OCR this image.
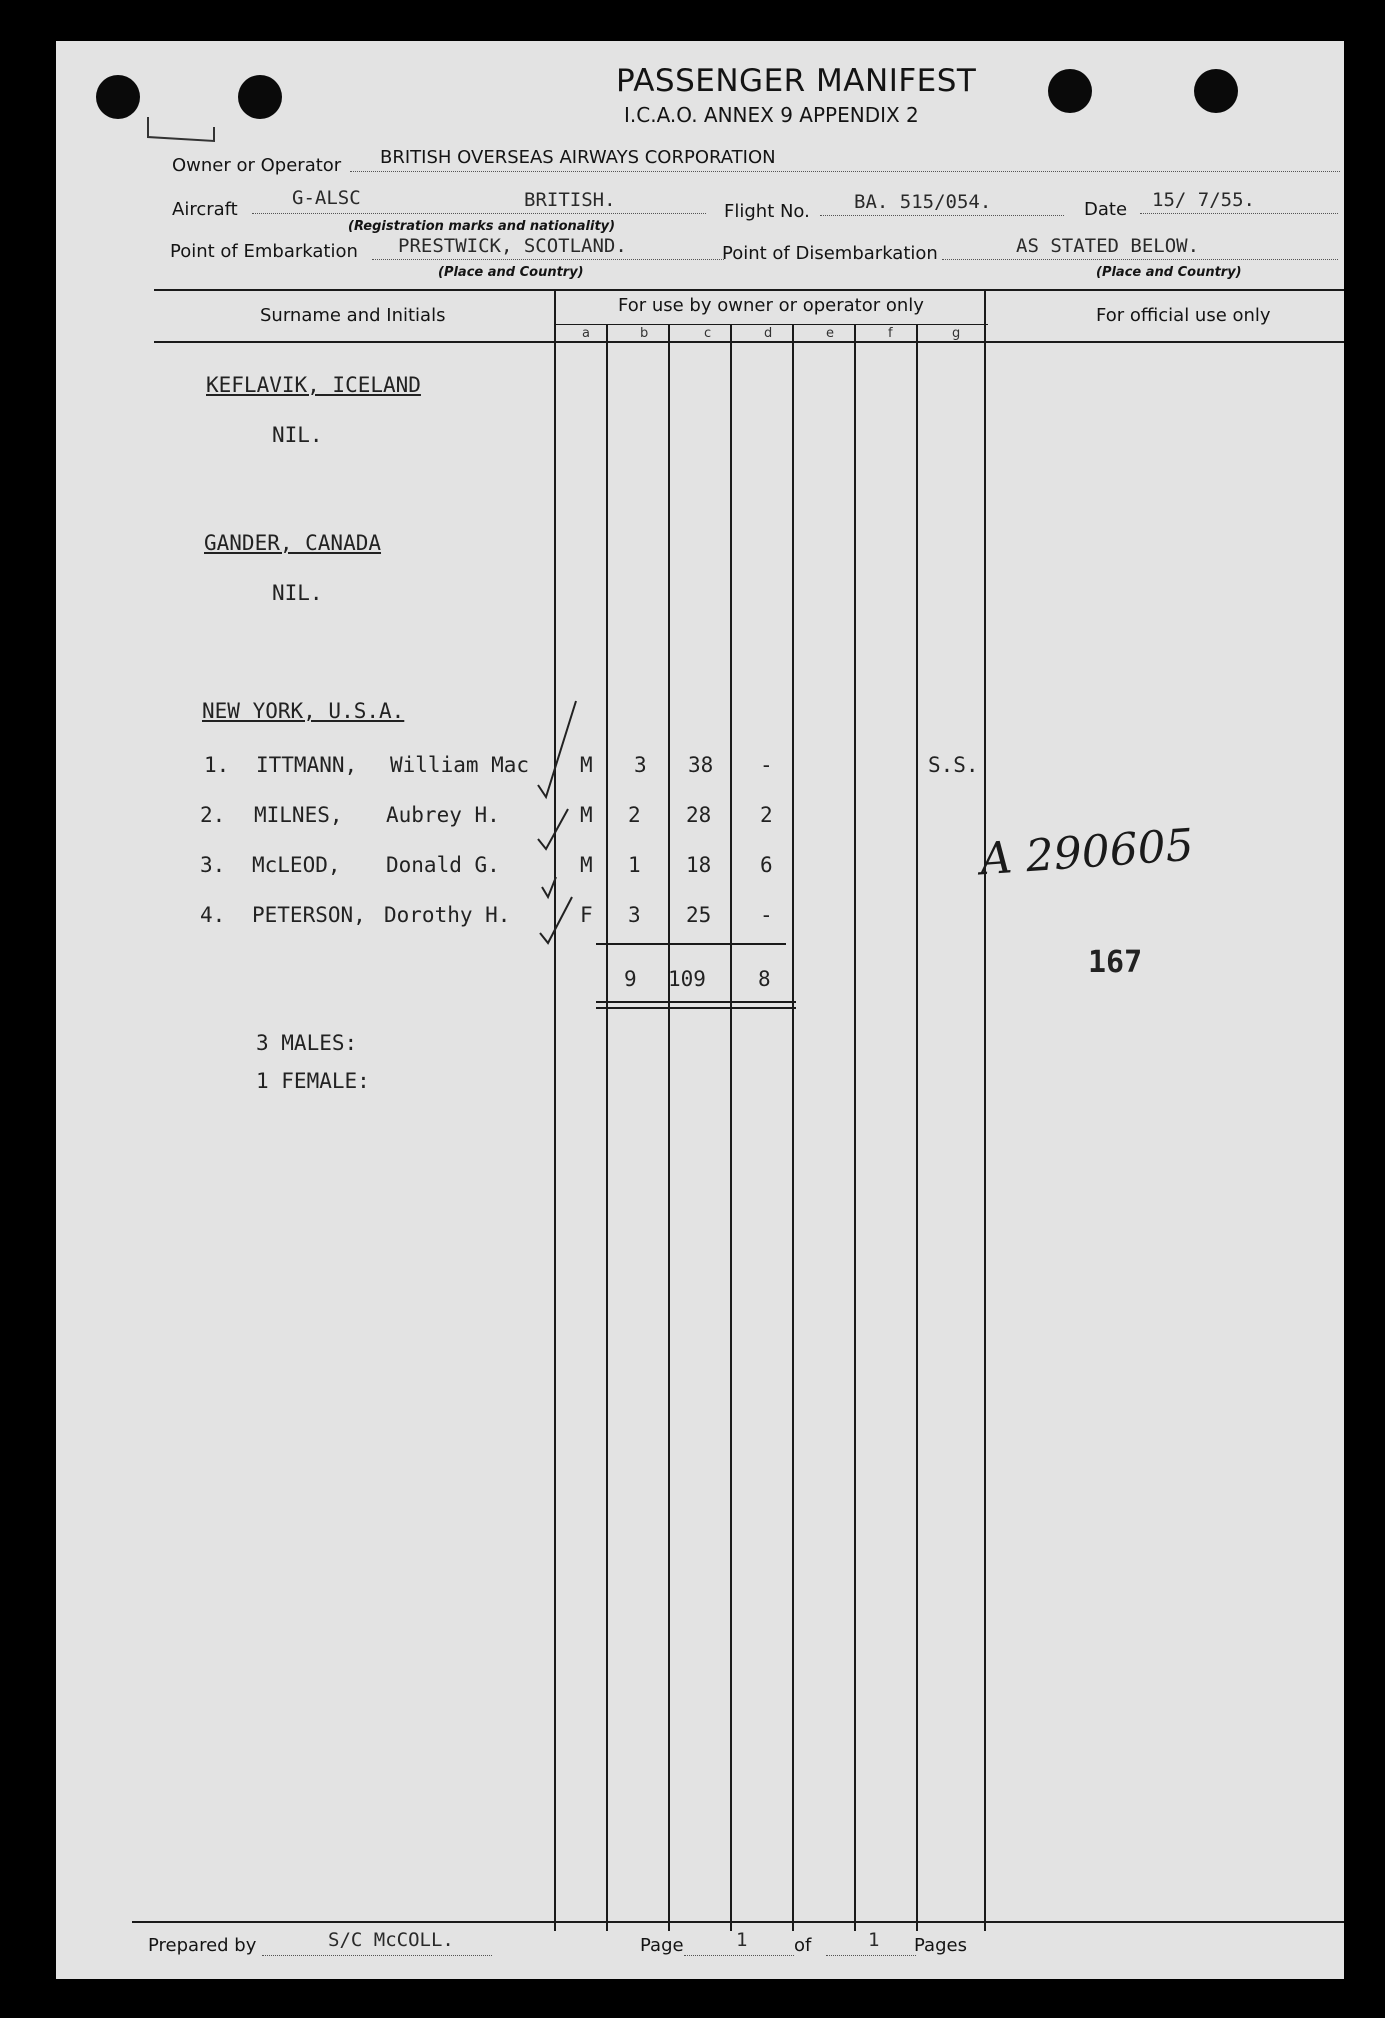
PASSENGER MANIFEST
I.C.A.O. ANNEX 9 APPENDIX 2
Owner or Operator BRITISH OVERSEAS AIRWAYS CORPORATION
Aircraft
G-ALSC	BRITISH.
(Registration marks and nationality)
Flight No. BA. 515/054.	Date 15/ 7/55.
Point of Embarkation PRESTWICK, SCOTLAND.
(Place and Country)
Point of Disembarkation	AS STATED BELOW.
(Place and Country)
Surname and Initials	For use by owner or operator only	For official use only
a	b	c	d	e	f	g
KEFLAVIK, ICELAND
NIL.
GANDER, CANADA
NIL.
NEW YORK, U.S.A.
1. ITTMANN, William Mac M 3 38 -	S.S.
2. MILNES, Aubrey H.	M 2 28 2
3. McLEOD, Donald G.	M 1 18 6
4. PETERSON, Dorothy H.	F 3 25 -
9 109 8
3 MALES:
1 FEMALE:
A 290605
167
Prepared by	S/C McCOLL.	Page	1	of	1 Pages
